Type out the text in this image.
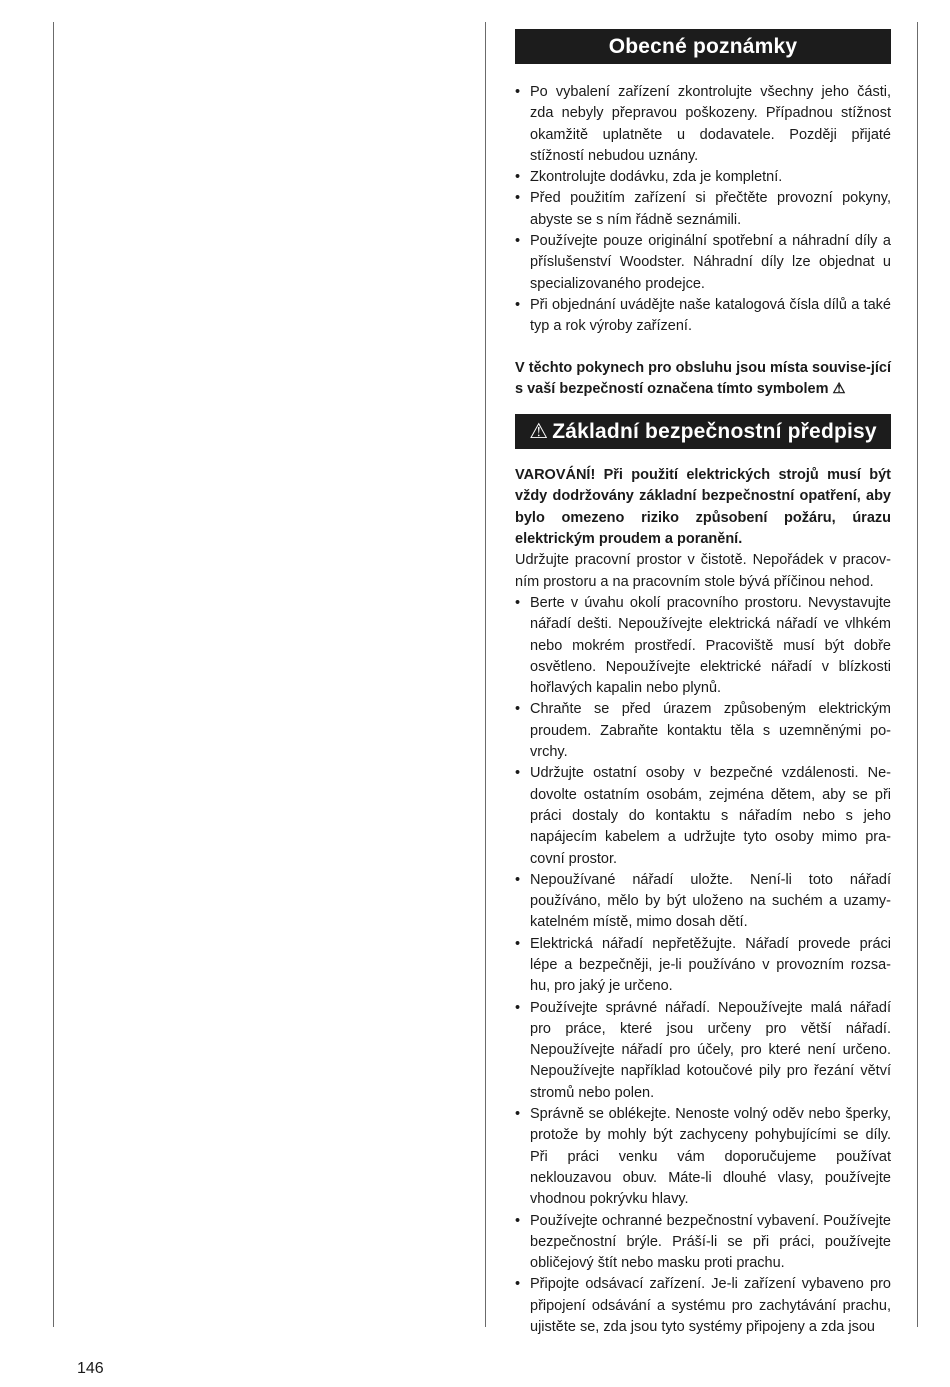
Obecné poznámky
• Po vybalení zařízení zkontrolujte všechny jeho části, zda nebyly přepravou poškozeny. Případnou stížnost okamžitě uplatněte u dodavatele. Později přijaté stížností nebudou uznány.
• Zkontrolujte dodávku, zda je kompletní.
• Před použitím zařízení si přečtěte provozní pokyny, abyste se s ním řádně seznámili.
• Používejte pouze originální spotřební a náhradní díly a příslušenství Woodster. Náhradní díly lze objednat u specializovaného prodejce.
• Při objednání uvádějte naše katalogová čísla dílů a také typ a rok výroby zařízení.

V těchto pokynech pro obsluhu jsou místa souvise-jící s vaší bezpečností označena tímto symbolem ⚠

⚠ Základní bezpečnostní předpisy

VAROVÁNÍ! Při použití elektrických strojů musí být vždy dodržovány základní bezpečnostní opatření, aby bylo omezeno riziko způsobení požáru, úrazu elektrickým proudem a poranění.

Udržujte pracovní prostor v čistotě. Nepořádek v pracov-ním prostoru a na pracovním stole bývá příčinou nehod.

• Berte v úvahu okolí pracovního prostoru. Nevystavujte nářadí dešti. Nepoužívejte elektrická nářadí ve vlhkém nebo mokrém prostředí. Pracoviště musí být dobře osvětleno. Nepoužívejte elektrické nářadí v blízkosti hořlavých kapalin nebo plynů.
• Chraňte se před úrazem způsobeným elektrickým proudem. Zabraňte kontaktu těla s uzemněnými po-vrchy.
• Udržujte ostatní osoby v bezpečné vzdálenosti. Ne-dovolte ostatním osobám, zejména dětem, aby se při práci dostaly do kontaktu s nářadím nebo s jeho napájecím kabelem a udržujte tyto osoby mimo pra-covní prostor.
• Nepoužívané nářadí uložte. Není-li toto nářadí používáno, mělo by být uloženo na suchém a uzamy-katelném místě, mimo dosah dětí.
• Elektrická nářadí nepřetěžujte. Nářadí provede práci lépe a bezpečněji, je-li používáno v provozním rozsa-hu, pro jaký je určeno.
• Používejte správné nářadí. Nepoužívejte malá nářadí pro práce, které jsou určeny pro větší nářadí. Nepoužívejte nářadí pro účely, pro které není určeno. Nepoužívejte například kotoučové pily pro řezání větví stromů nebo polen.
• Správně se oblékejte. Nenoste volný oděv nebo šperky, protože by mohly být zachyceny pohybujícími se díly. Při práci venku vám doporučujeme používat neklouzavou obuv. Máte-li dlouhé vlasy, používejte vhodnou pokrývku hlavy.
• Používejte ochranné bezpečnostní vybavení. Používejte bezpečnostní brýle. Práší-li se při práci, používejte obličejový štít nebo masku proti prachu.
• Připojte odsávací zařízení. Je-li zařízení vybaveno pro připojení odsávání a systému pro zachytávání prachu, ujistěte se, zda jsou tyto systémy připojeny a zda jsou
146
